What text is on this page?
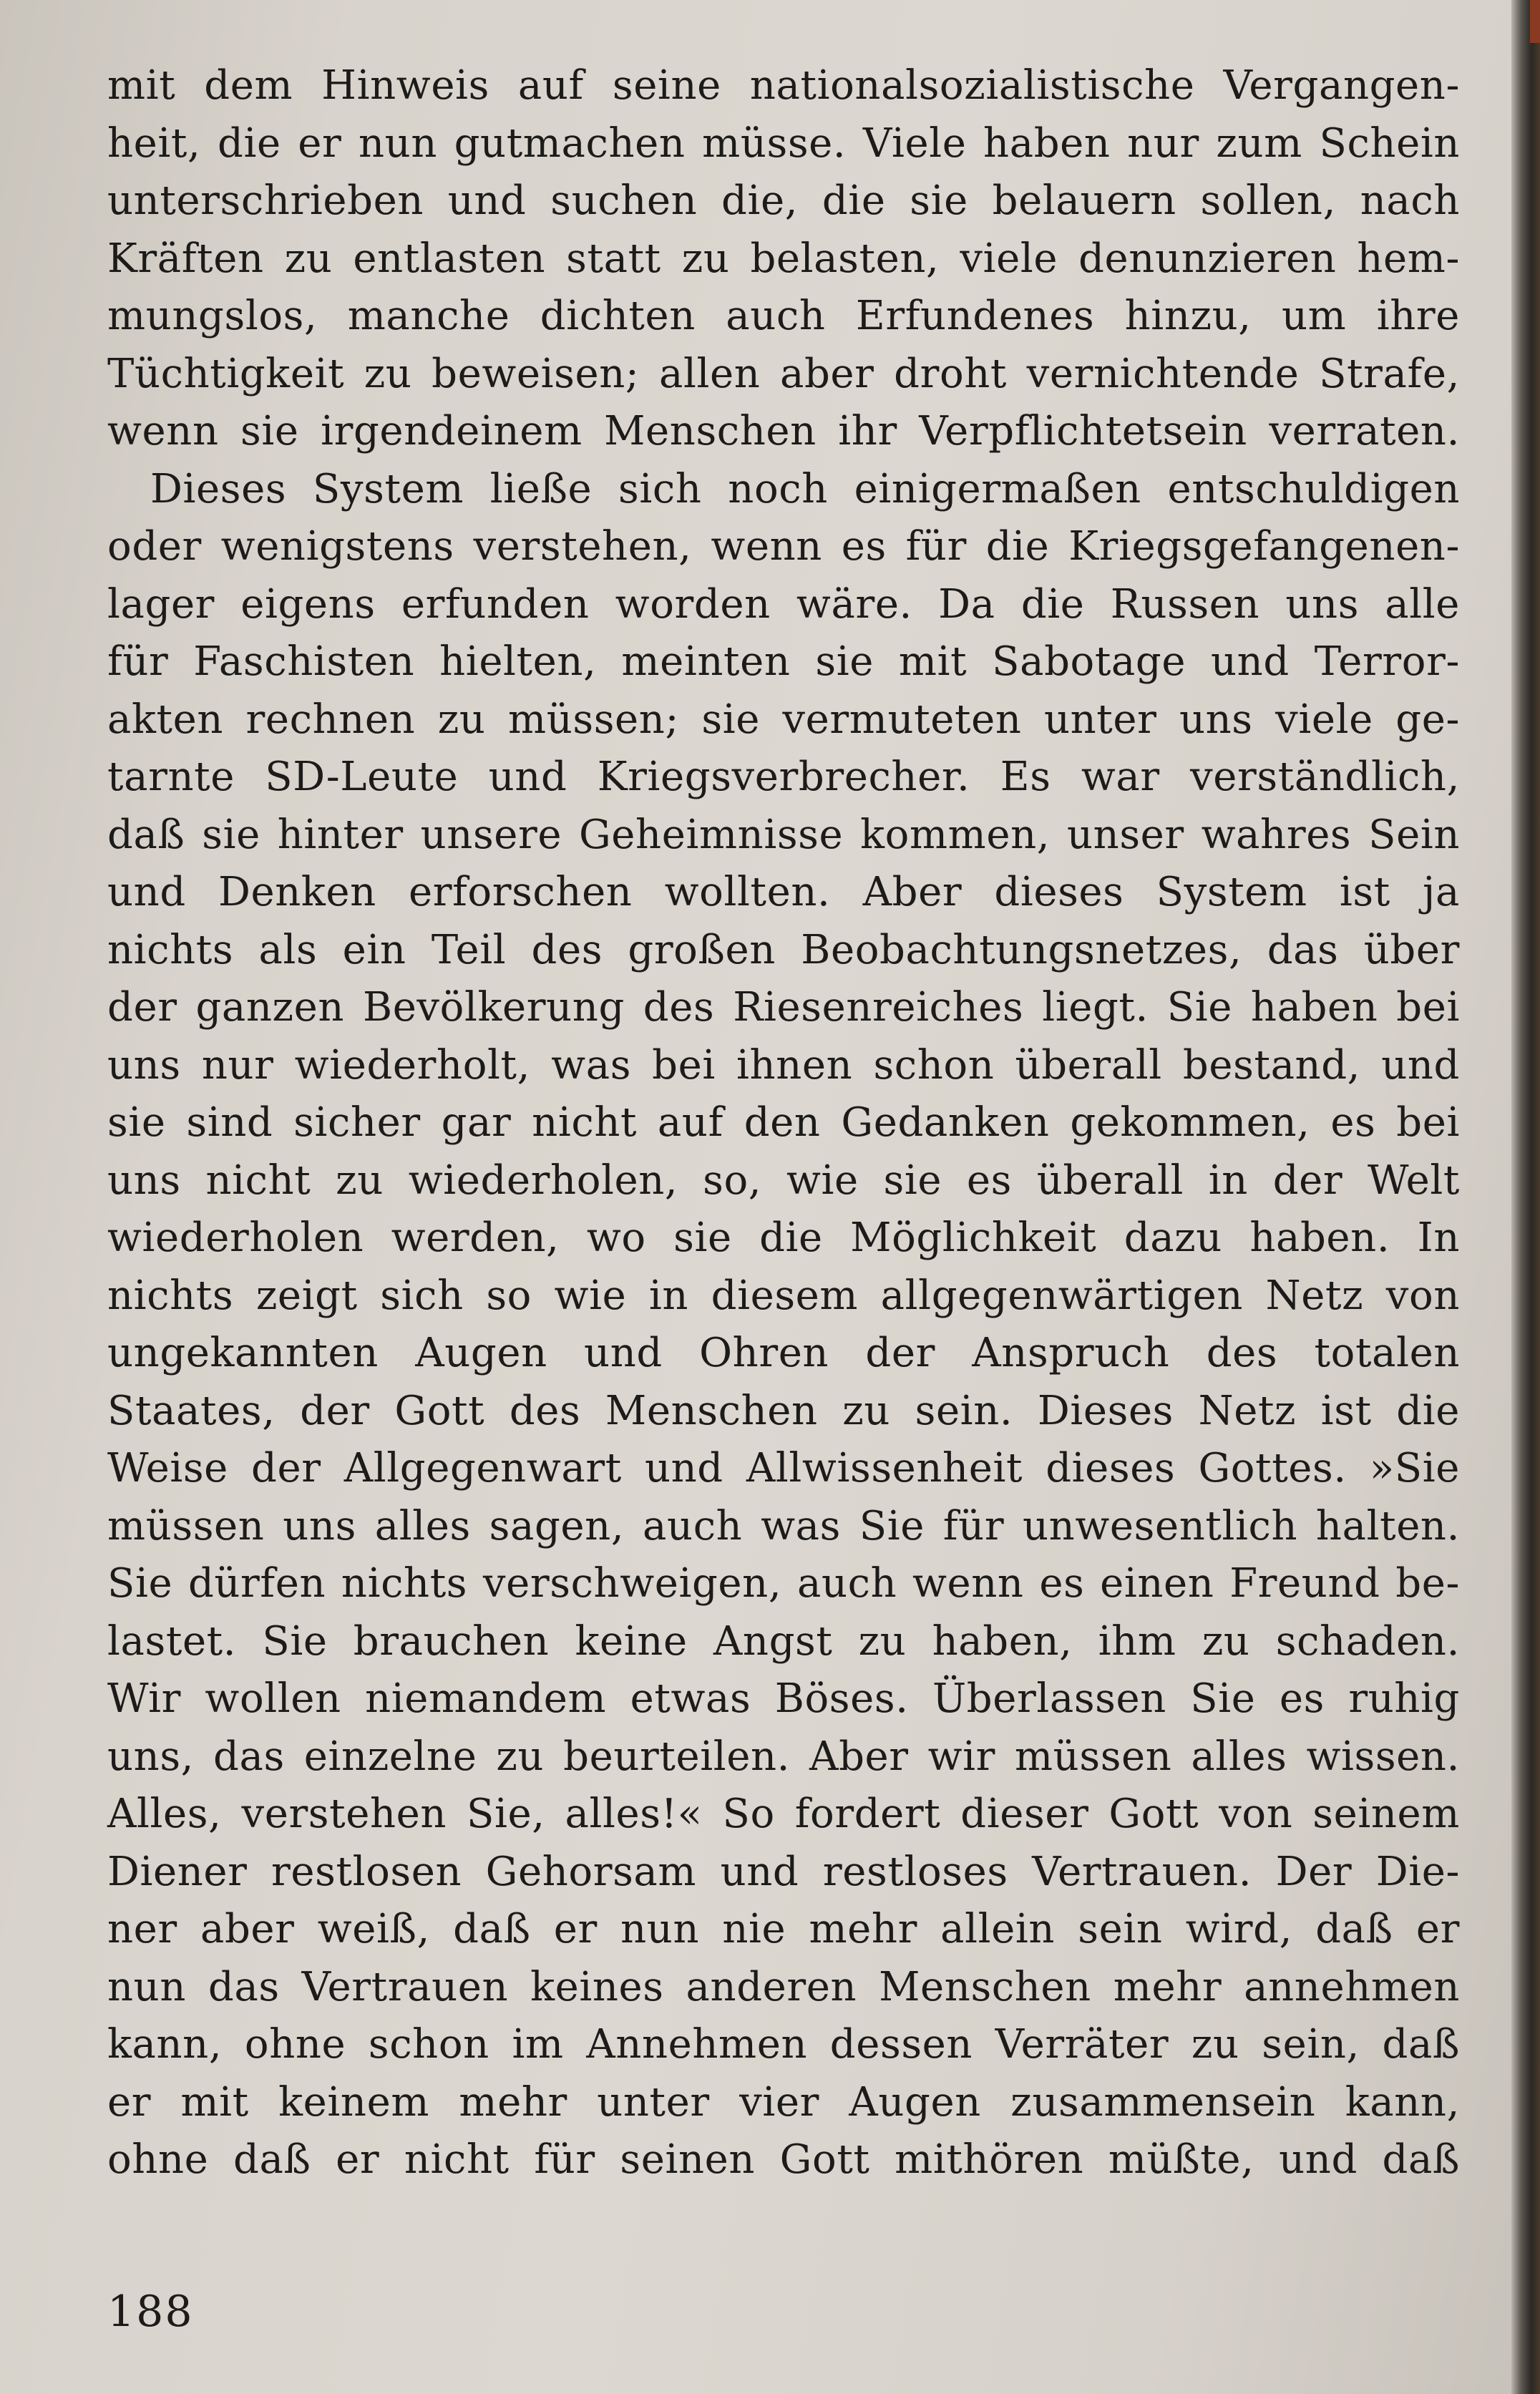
mit dem Hinweis auf seine nationalsozialistische Vergangen-
heit, die er nun gutmachen müsse. Viele haben nur zum Schein
unterschrieben und suchen die, die sie belauern sollen, nach
Kräften zu entlasten statt zu belasten, viele denunzieren hem-
mungslos, manche dichten auch Erfundenes hinzu, um ihre
Tüchtigkeit zu beweisen; allen aber droht vernichtende Strafe,
wenn sie irgendeinem Menschen ihr Verpflichtetsein verraten.
Dieses System ließe sich noch einigermaßen entschuldigen
oder wenigstens verstehen, wenn es für die Kriegsgefangenen-
lager eigens erfunden worden wäre. Da die Russen uns alle
für Faschisten hielten, meinten sie mit Sabotage und Terror-
akten rechnen zu müssen; sie vermuteten unter uns viele ge-
tarnte SD-Leute und Kriegsverbrecher. Es war verständlich,
daß sie hinter unsere Geheimnisse kommen, unser wahres Sein
und Denken erforschen wollten. Aber dieses System ist ja
nichts als ein Teil des großen Beobachtungsnetzes, das über
der ganzen Bevölkerung des Riesenreiches liegt. Sie haben bei
uns nur wiederholt, was bei ihnen schon überall bestand, und
sie sind sicher gar nicht auf den Gedanken gekommen, es bei
uns nicht zu wiederholen, so, wie sie es überall in der Welt
wiederholen werden, wo sie die Möglichkeit dazu haben. In
nichts zeigt sich so wie in diesem allgegenwärtigen Netz von
ungekannten Augen und Ohren der Anspruch des totalen
Staates, der Gott des Menschen zu sein. Dieses Netz ist die
Weise der Allgegenwart und Allwissenheit dieses Gottes. »Sie
müssen uns alles sagen, auch was Sie für unwesentlich halten.
Sie dürfen nichts verschweigen, auch wenn es einen Freund be-
lastet. Sie brauchen keine Angst zu haben, ihm zu schaden.
Wir wollen niemandem etwas Böses. Überlassen Sie es ruhig
uns, das einzelne zu beurteilen. Aber wir müssen alles wissen.
Alles, verstehen Sie, alles!« So fordert dieser Gott von seinem
Diener restlosen Gehorsam und restloses Vertrauen. Der Die-
ner aber weiß, daß er nun nie mehr allein sein wird, daß er
nun das Vertrauen keines anderen Menschen mehr annehmen
kann, ohne schon im Annehmen dessen Verräter zu sein, daß
er mit keinem mehr unter vier Augen zusammensein kann,
ohne daß er nicht für seinen Gott mithören müßte, und daß
188
